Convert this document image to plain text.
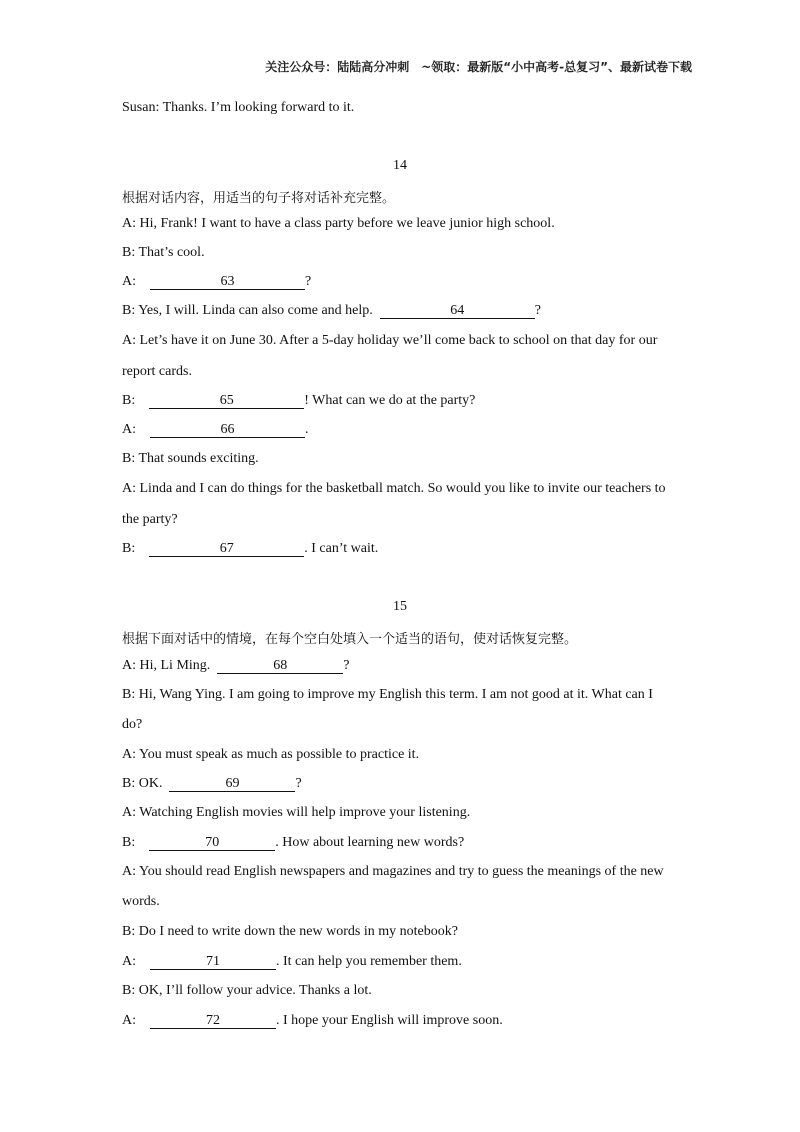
关注公众号：陆陆高分冲刺　~领取：最新版“小中高考-总复习”、最新试卷下载
Susan: Thanks. I’m looking forward to it.
14
根据对话内容，用适当的句子将对话补充完整。
A: Hi, Frank! I want to have a class party before we leave junior high school.
B: That’s cool.
A:	63	?
B: Yes, I will. Linda can also come and help.	64	?
A: Let’s have it on June 30. After a 5-day holiday we’ll come back to school on that day for our
report cards.
B:	65	! What can we do at the party?
A:	66	.
B: That sounds exciting.
A: Linda and I can do things for the basketball match. So would you like to invite our teachers to
the party?
B:	67	. I can’t wait.
15
根据下面对话中的情境，在每个空白处填入一个适当的语句，使对话恢复完整。
A: Hi, Li Ming.	68	?
B: Hi, Wang Ying. I am going to improve my English this term. I am not good at it. What can I
do?
A: You must speak as much as possible to practice it.
B: OK.	69	?
A: Watching English movies will help improve your listening.
B:	70	. How about learning new words?
A: You should read English newspapers and magazines and try to guess the meanings of the new
words.
B: Do I need to write down the new words in my notebook?
A:	71	. It can help you remember them.
B: OK, I’ll follow your advice. Thanks a lot.
A:	72	. I hope your English will improve soon.
